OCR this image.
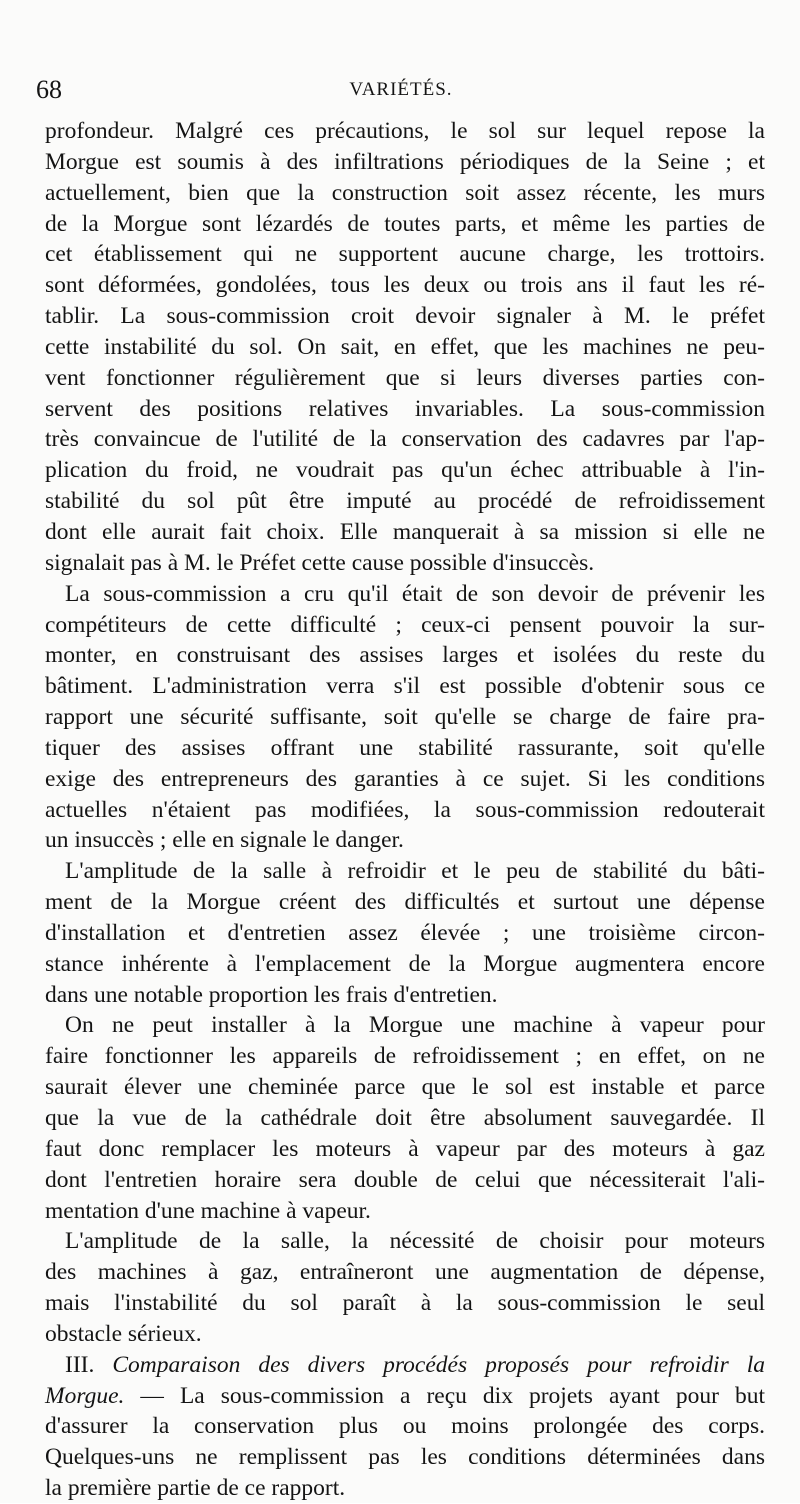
68	VARIÉTÉS.
profondeur. Malgré ces précautions, le sol sur lequel repose la
Morgue est soumis à des infiltrations périodiques de la Seine ; et
actuellement, bien que la construction soit assez récente, les murs
de la Morgue sont lézardés de toutes parts, et même les parties de
cet établissement qui ne supportent aucune charge, les trottoirs.
sont déformées, gondolées, tous les deux ou trois ans il faut les ré-
tablir. La sous-commission croit devoir signaler à M. le préfet
cette instabilité du sol. On sait, en effet, que les machines ne peu-
vent fonctionner régulièrement que si leurs diverses parties con-
servent des positions relatives invariables. La sous-commission
très convaincue de l'utilité de la conservation des cadavres par l'ap-
plication du froid, ne voudrait pas qu'un échec attribuable à l'in-
stabilité du sol pût être imputé au procédé de refroidissement
dont elle aurait fait choix. Elle manquerait à sa mission si elle ne
signalait pas à M. le Préfet cette cause possible d'insuccès.
La sous-commission a cru qu'il était de son devoir de prévenir les
compétiteurs de cette difficulté ; ceux-ci pensent pouvoir la sur-
monter, en construisant des assises larges et isolées du reste du
bâtiment. L'administration verra s'il est possible d'obtenir sous ce
rapport une sécurité suffisante, soit qu'elle se charge de faire pra-
tiquer des assises offrant une stabilité rassurante, soit qu'elle
exige des entrepreneurs des garanties à ce sujet. Si les conditions
actuelles n'étaient pas modifiées, la sous-commission redouterait
un insuccès ; elle en signale le danger.
L'amplitude de la salle à refroidir et le peu de stabilité du bâti-
ment de la Morgue créent des difficultés et surtout une dépense
d'installation et d'entretien assez élevée ; une troisième circon-
stance inhérente à l'emplacement de la Morgue augmentera encore
dans une notable proportion les frais d'entretien.
On ne peut installer à la Morgue une machine à vapeur pour
faire fonctionner les appareils de refroidissement ; en effet, on ne
saurait élever une cheminée parce que le sol est instable et parce
que la vue de la cathédrale doit être absolument sauvegardée. Il
faut donc remplacer les moteurs à vapeur par des moteurs à gaz
dont l'entretien horaire sera double de celui que nécessiterait l'ali-
mentation d'une machine à vapeur.
L'amplitude de la salle, la nécessité de choisir pour moteurs
des machines à gaz, entraîneront une augmentation de dépense,
mais l'instabilité du sol paraît à la sous-commission le seul
obstacle sérieux.
III. Comparaison des divers procédés proposés pour refroidir la
Morgue. — La sous-commission a reçu dix projets ayant pour but
d'assurer la conservation plus ou moins prolongée des corps.
Quelques-uns ne remplissent pas les conditions déterminées dans
la première partie de ce rapport.
